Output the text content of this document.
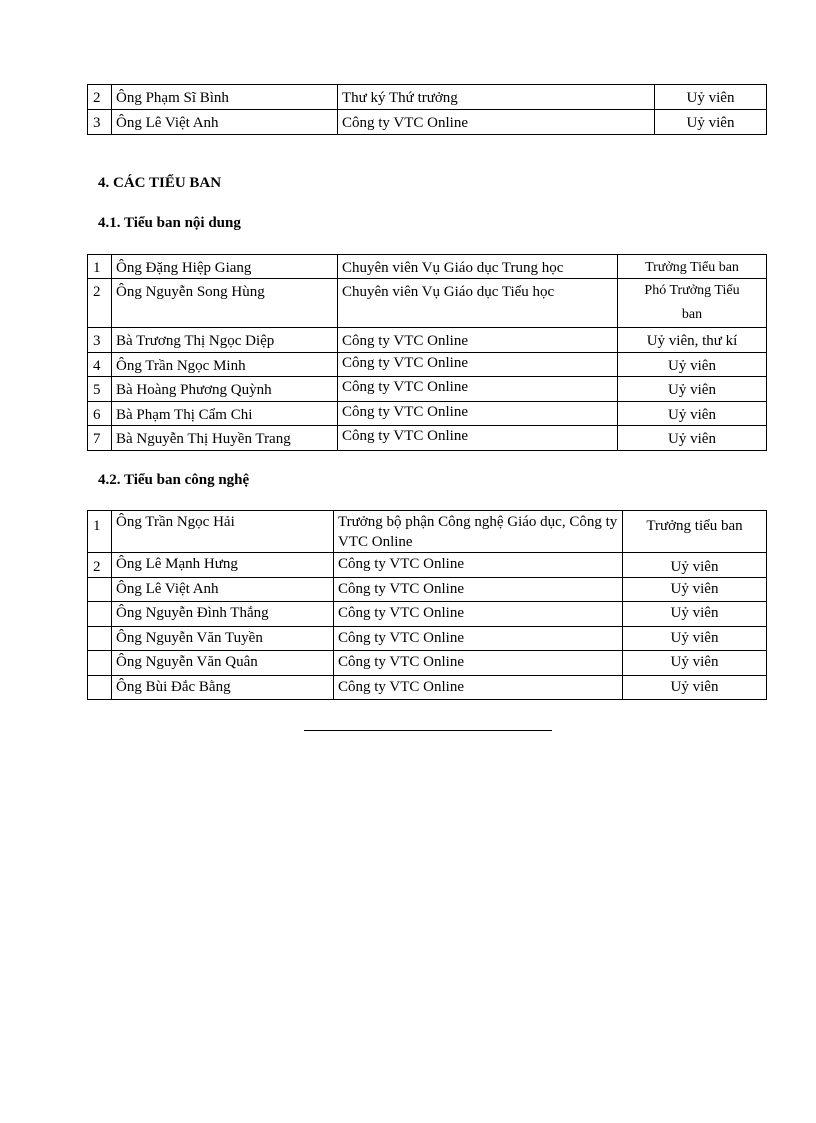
2	Ông Phạm Sĩ Bình	Thư ký Thứ trưởng	Uỷ viên
3	Ông Lê Việt Anh	Công ty VTC Online	Uỷ viên
4. CÁC TIỂU BAN
4.1. Tiểu ban nội dung
1	Ông Đặng Hiệp Giang	Chuyên viên Vụ Giáo dục Trung học	Trưởng Tiểu ban
2	Ông Nguyễn Song Hùng	Chuyên viên Vụ Giáo dục Tiểu học	Phó Trưởng Tiểu ban
3	Bà Trương Thị Ngọc Diệp	Công ty VTC Online	Uỷ viên, thư kí
4	Ông Trần Ngọc Minh	Công ty VTC Online	Uỷ viên
5	Bà Hoàng Phương Quỳnh	Công ty VTC Online	Uỷ viên
6	Bà Phạm Thị Cẩm Chi	Công ty VTC Online	Uỷ viên
7	Bà Nguyễn Thị Huyền Trang	Công ty VTC Online	Uỷ viên
4.2. Tiểu ban công nghệ
1	Ông Trần Ngọc Hải	Trưởng bộ phận Công nghệ Giáo dục, Công ty VTC Online	Trưởng tiểu ban
2	Ông Lê Mạnh Hưng	Công ty VTC Online	Uỷ viên
	Ông Lê Việt Anh	Công ty VTC Online	Uỷ viên
	Ông Nguyễn Đình Thắng	Công ty VTC Online	Uỷ viên
	Ông Nguyễn Văn Tuyền	Công ty VTC Online	Uỷ viên
	Ông Nguyễn Văn Quân	Công ty VTC Online	Uỷ viên
	Ông Bùi Đắc Bằng	Công ty VTC Online	Uỷ viên
